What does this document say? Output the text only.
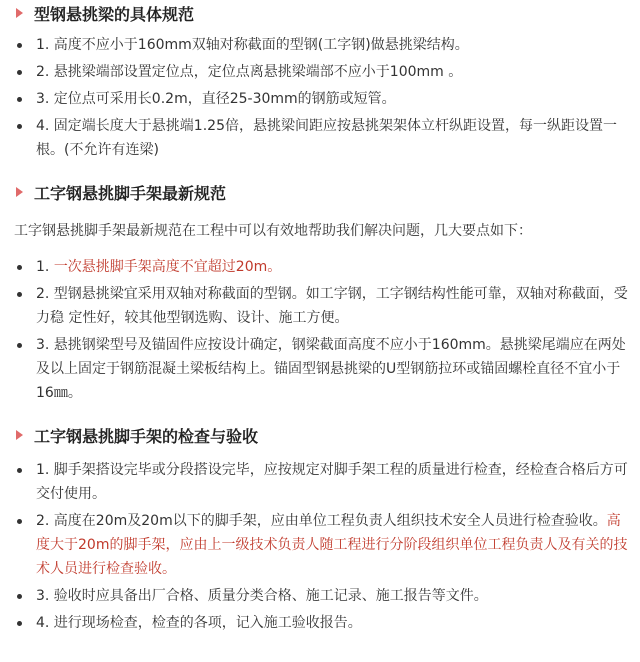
型钢悬挑梁的具体规范
1. 高度不应小于160mm双轴对称截面的型钢(工字钢)做悬挑梁结构。
2. 悬挑梁端部设置定位点，定位点离悬挑梁端部不应小于100mm 。
3. 定位点可采用长0.2m，直径25-30mm的钢筋或短管。
4. 固定端长度大于悬挑端1.25倍，悬挑梁间距应按悬挑架架体立杆纵距设置，每一纵距设置一根。(不允许有连梁)
工字钢悬挑脚手架最新规范

工字钢悬挑脚手架最新规范在工程中可以有效地帮助我们解决问题，几大要点如下：

1. 一次悬挑脚手架高度不宜超过20m。
2. 型钢悬挑梁宜采用双轴对称截面的型钢。如工字钢，工字钢结构性能可靠，双轴对称截面，受力稳 定性好，较其他型钢选购、设计、施工方便。
3. 悬挑钢梁型号及锚固件应按设计确定，钢梁截面高度不应小于160mm。悬挑梁尾端应在两处及以上固定于钢筋混凝土梁板结构上。锚固型钢悬挑梁的U型钢筋拉环或锚固螺栓直径不宜小于16㎜。
工字钢悬挑脚手架的检查与验收
1. 脚手架搭设完毕或分段搭设完毕，应按规定对脚手架工程的质量进行检查，经检查合格后方可交付使用。
2. 高度在20m及20m以下的脚手架，应由单位工程负责人组织技术安全人员进行检查验收。高度大于20m的脚手架，应由上一级技术负责人随工程进行分阶段组织单位工程负责人及有关的技术人员进行检查验收。
3. 验收时应具备出厂合格、质量分类合格、施工记录、施工报告等文件。
4. 进行现场检查，检查的各项，记入施工验收报告。
